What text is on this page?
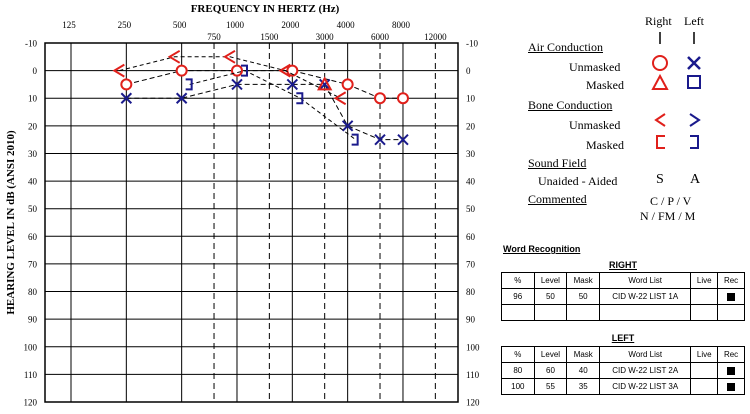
FREQUENCY IN HERTZ (Hz)
HEARING LEVEL IN dB (ANSI 2010)
-10	-10
0	0
10	10
20	20
30	30
40	40
50	50
60	60
70	70
80	80
90	90
100	100
110	110
120	120
125	250	500	1000	2000	4000	8000
750	1500	3000	6000	12000
Right Left
Air Conduction
Unmasked
Masked
Bone Conduction
Unmasked
Masked
Sound Field
Unaided - Aided	S A
Commented	C / P / V
N / FM / M
Word Recognition
RIGHT
%	Level	Mask	Word List	Live	Rec
96	50	50	CID W-22 LIST 1A		

LEFT
%	Level	Mask	Word List	Live	Rec
80	60	40	CID W-22 LIST 2A		
100	55	35	CID W-22 LIST 3A		
